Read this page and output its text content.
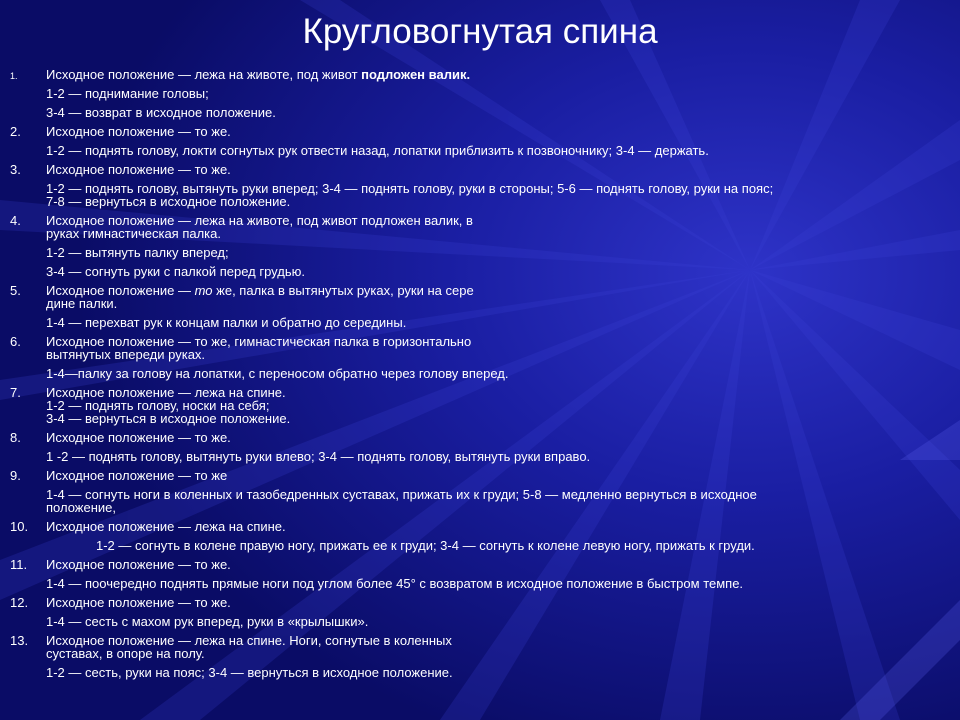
Кругловогнутая спина
1.	Исходное положение — лежа на животе, под живот подложен валик.
1-2 — поднимание головы;
3-4 — возврат в исходное положение.
2.	Исходное положение — то же.
1-2 — поднять голову, локти согнутых рук отвести назад, лопатки приблизить к позвоночнику; 3-4 — держать.
3.	Исходное положение — то же.
1-2 — поднять голову, вытянуть руки вперед; 3-4 — поднять голову, руки в стороны; 5-6 — поднять голову, руки на пояс;
7-8 — вернуться в исходное положение.
4.	Исходное положение — лежа на животе, под живот подложен валик, в
руках гимнастическая палка.
1-2 — вытянуть палку вперед;
3-4 — согнуть руки с палкой перед грудью.
5.	Исходное положение — то же, палка в вытянутых руках, руки на сере
дине палки.
1-4 — перехват рук к концам палки и обратно до середины.
6.	Исходное положение — то же, гимнастическая палка в горизонтально
вытянутых впереди руках.
1-4—палку за голову на лопатки, с переносом обратно через голову вперед.
7.	Исходное положение — лежа на спине.
1-2 — поднять голову, носки на себя;
3-4 — вернуться в исходное положение.
8.	Исходное положение — то же.
1 -2 — поднять голову, вытянуть руки влево; 3-4 — поднять голову, вытянуть руки вправо.
9.	Исходное положение — то же
1-4 — согнуть ноги в коленных и тазобедренных суставах, прижать их к груди; 5-8 — медленно вернуться в исходное
положение,
10.	Исходное положение — лежа на спине.
1-2 — согнуть в колене правую ногу, прижать ее к груди; 3-4 — согнуть к колене левую ногу, прижать к груди.
11.	Исходное положение — то же.
1-4 — поочередно поднять прямые ноги под углом более 45° с возвратом в исходное положение в быстром темпе.
12.	Исходное положение — то же.
1-4 — сесть с махом рук вперед, руки в «крылышки».
13.	Исходное положение — лежа на спине. Ноги, согнутые в коленных
суставах, в опоре на полу.
1-2 — сесть, руки на пояс; 3-4 — вернуться в исходное положение.
